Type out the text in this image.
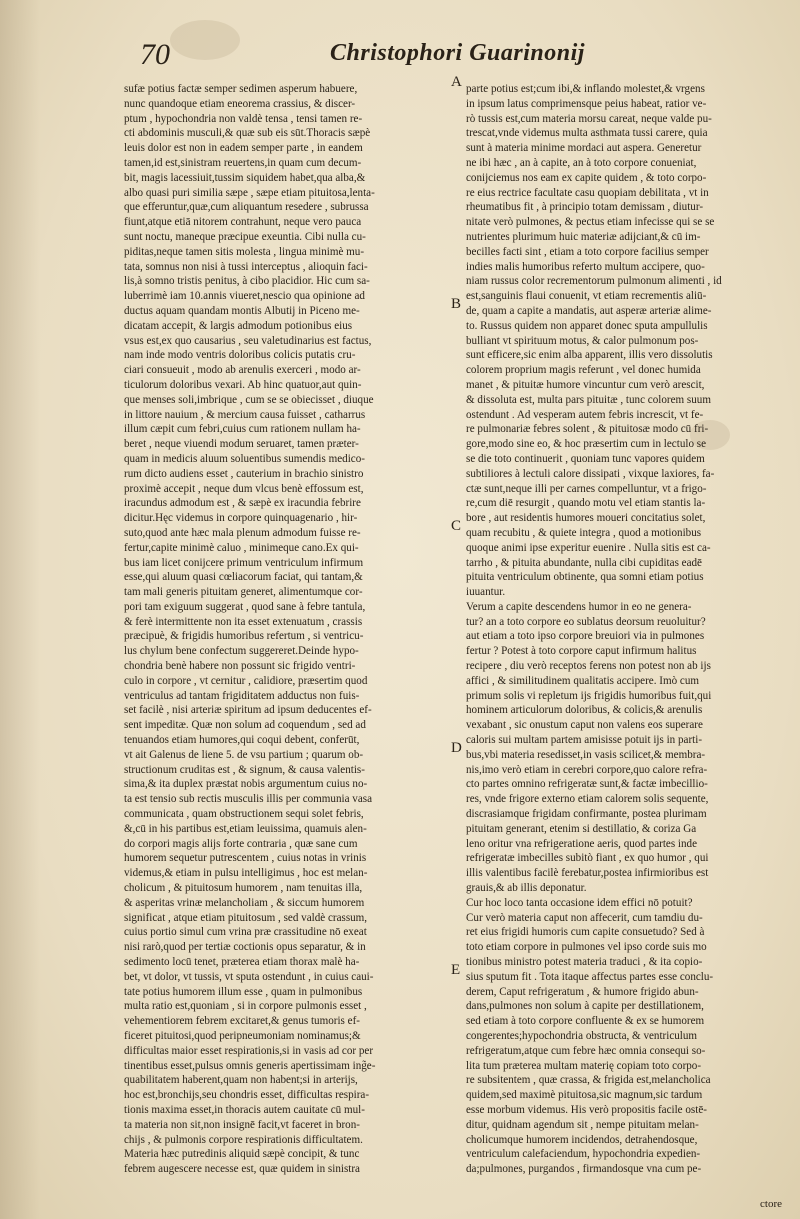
70	Christophori Guarinonij
sufæ potius factæ semper sedimen asperum habuere,
nunc quandoque etiam eneorema crassius, & discer-
ptum , hypochondria non valdè tensa , tensi tamen re-
cti abdominis musculi,& quæ sub eis sūt.Thoracis sæpè
leuis dolor est non in eadem semper parte , in eandem
tamen,id est,sinistram reuertens,in quam cum decum-
bit, magis lacessiuit,tussim siquidem habet,qua alba,&
albo quasi puri similia sæpe , sæpe etiam pituitosa,lenta-
que efferuntur,quæ,cum aliquantum resedere , subrussa
fiunt,atque etiā nitorem contrahunt, neque vero pauca
sunt noctu, maneque præcipue exeuntia. Cibi nulla cu-
piditas,neque tamen sitis molesta , lingua minimè mu-
tata, somnus non nisi à tussi interceptus , alioquin faci-
lis,à somno tristis penitus, à cibo placidior. Hic cum sa-
luberrimè iam 10.annis viueret,nescio qua opinione ad
ductus aquam quandam montis Albutij in Piceno me-
dicatam accepit, & largis admodum potionibus eius
vsus est,ex quo causarius , seu valetudinarius est factus,
nam inde modo ventris doloribus colicis putatis cru-
ciari consueuit , modo ab arenulis exerceri , modo ar-
ticulorum doloribus vexari. Ab hinc quatuor,aut quin-
que menses soli,imbrique , cum se se obiecisset , diuque
in littore nauium , & mercium causa fuisset , catharrus
illum cæpit cum febri,cuius cum rationem nullam ha-
beret , neque viuendi modum seruaret, tamen præter-
quam in medicis aluum soluentibus sumendis medico-
rum dicto audiens esset , cauterium in brachio sinistro
proximè accepit , neque dum vlcus benè effossum est,
iracundus admodum est , & sæpè ex iracundia febrire
dicitur.Hęc videmus in corpore quinquagenario , hir-
suto,quod ante hæc mala plenum admodum fuisse re-
fertur,capite minimè caluo , minimeque cano.Ex qui-
bus iam licet conijcere primum ventriculum infirmum
esse,qui aluum quasi cœliacorum faciat, qui tantam,&
tam mali generis pituitam generet, alimentumque cor-
pori tam exiguum suggerat , quod sane à febre tantula,
& ferè intermittente non ita esset extenuatum , crassis
præcipuè, & frigidis humoribus refertum , si ventricu-
lus chylum bene confectum suggereret.Deinde hypo-
chondria benè habere non possunt sic frigido ventri-
culo in corpore , vt cernitur , calidiore, præsertim quod
ventriculus ad tantam frigiditatem adductus non fuis-
set facilè , nisi arteriæ spiritum ad ipsum deducentes ef-
sent impeditæ. Quæ non solum ad coquendum , sed ad
tenuandos etiam humores,qui coqui debent, conferūt,
vt ait Galenus de liene 5. de vsu partium ; quarum ob-
structionum cruditas est , & signum, & causa valentis-
sima,& ita duplex præstat nobis argumentum cuius no-
ta est tensio sub rectis musculis illis per communia vasa
communicata , quam obstructionem sequi solet febris,
&,cū in his partibus est,etiam leuissima, quamuis alen-
do corpori magis alijs forte contraria , quæ sane cum
humorem sequetur putrescentem , cuius notas in vrinis
videmus,& etiam in pulsu intelligimus , hoc est melan-
cholicum , & pituitosum humorem , nam tenuitas illa,
& asperitas vrinæ melancholiam , & siccum humorem
significat , atque etiam pituitosum , sed valdè crassum,
cuius portio simul cum vrina præ crassitudine nō exeat
nisi rarò,quod per tertiæ coctionis opus separatur, & in
sedimento locū tenet, præterea etiam thorax malè ha-
bet, vt dolor, vt tussis, vt sputa ostendunt , in cuius caui-
tate potius humorem illum esse , quam in pulmonibus
multa ratio est,quoniam , si in corpore pulmonis esset ,
vehementiorem febrem excitaret,& genus tumoris ef-
ficeret pituitosi,quod peripneumoniam nominamus;&
difficultas maior esset respirationis,si in vasis ad cor per
tinentibus esset,pulsus omnis generis apertissimam ing̃e-
quabilitatem haberent,quam non habent;si in arterijs,
hoc est,bronchijs,seu chondris esset, difficultas respira-
tionis maxima esset,in thoracis autem cauitate cū mul-
ta materia non sit,non insignē facit,vt faceret in bron-
chijs , & pulmonis corpore respirationis difficultatem.
Materia hæc putredinis aliquid sæpè concipit, & tunc
febrem augescere necesse est, quæ quidem in sinistra
parte potius est;cum ibi,& inflando molestet,& vrgens
in ipsum latus comprimensque peius habeat, ratior ve-
rò tussis est,cum materia morsu careat, neque valde pu-
trescat,vnde videmus multa asthmata tussi carere, quia
sunt à materia minime mordaci aut aspera. Generetur
ne ibi hæc , an à capite, an à toto corpore conueniat,
conijciemus nos eam ex capite quidem , & toto corpo-
re eius rectrice facultate casu quopiam debilitata , vt in
rheumatibus fit , à principio totam demissam , diutur-
nitate verò pulmones, & pectus etiam infecisse qui se se
nutrientes plurimum huic materiæ adijciant,& cū im-
becilles facti sint , etiam a toto corpore facilius semper
indies malis humoribus referto multum accipere, quo-
niam russus color recrementorum pulmonum alimenti , id
est,sanguinis flaui conuenit, vt etiam recrementis aliū-
de, quam a capite a mandatis, aut asperæ arteriæ alime-
to. Russus quidem non apparet donec sputa ampullulis
bulliant vt spirituum motus, & calor pulmonum pos-
sunt efficere,sic enim alba apparent, illis vero dissolutis
colorem proprium magis referunt , vel donec humida
manet , & pituitæ humore vincuntur cum verò arescit,
& dissoluta est, multa pars pituitæ , tunc colorem suum
ostendunt . Ad vesperam autem febris increscit, vt fe-
re pulmonariæ febres solent , & pituitosæ modo cū fri-
gore,modo sine eo, & hoc præsertim cum in lectulo se
se die toto continuerit , quoniam tunc vapores quidem
subtiliores à lectuli calore dissipati , vixque laxiores, fa-
ctæ sunt,neque illi per carnes compelluntur, vt a frigo-
re,cum diē resurgit , quando motu vel etiam stantis la-
bore , aut residentis humores moueri concitatius solet,
quam recubitu , & quiete integra , quod a motionibus
quoque animi ipse experitur euenire . Nulla sitis est ca-
tarrho , & pituita abundante, nulla cibi cupiditas eadē
pituita ventriculum obtinente, qua somni etiam potius
iuuantur.
Verum a capite descendens humor in eo ne genera-
tur? an a toto corpore eo sublatus deorsum reuoluitur?
aut etiam a toto ipso corpore breuiori via in pulmones
fertur ? Potest à toto corpore caput infirmum halitus
recipere , diu verò receptos ferens non potest non ab ijs
affici , & similitudinem qualitatis accipere. Imò cum
primum solis vi repletum ijs frigidis humoribus fuit,qui
hominem articulorum doloribus, & colicis,& arenulis
vexabant , sic onustum caput non valens eos superare
caloris sui multam partem amisisse potuit ijs in parti-
bus,vbi materia resedisset,in vasis scilicet,& membra-
nis,imo verò etiam in cerebri corpore,quo calore refra-
cto partes omnino refrigeratæ sunt,& factæ imbecillio-
res, vnde frigore externo etiam calorem solis sequente,
discrasiamque frigidam confirmante, postea plurimam
pituitam generant, etenim si destillatio, & coriza Ga
leno oritur vna refrigeratione aeris, quod partes inde
refrigeratæ imbecilles subitò fiant , ex quo humor , qui
illis valentibus facilè ferebatur,postea infirmioribus est
grauis,& ab illis deponatur.
Cur hoc loco tanta occasione idem effici nō potuit?
Cur verò materia caput non affecerit, cum tamdiu du-
ret eius frigidi humoris cum capite consuetudo? Sed à
toto etiam corpore in pulmones vel ipso corde suis mo
tionibus ministro potest materia traduci , & ita copio-
sius sputum fit . Tota itaque affectus partes esse conclu-
derem, Caput refrigeratum , & humore frigido abun-
dans,pulmones non solum à capite per destillationem,
sed etiam à toto corpore confluente & ex se humorem
congerentes;hypochondria obstructa, & ventriculum
refrigeratum,atque cum febre hæc omnia consequi so-
lita tum præterea multam materię copiam toto corpo-
re subsitentem , quæ crassa, & frigida est,melancholica
quidem,sed maximè pituitosa,sic magnum,sic tardum
esse morbum videmus. His verò propositis facile ostē-
ditur, quidnam agendum sit , nempe pituitam melan-
cholicumque humorem incidendos, detrahendosque,
ventriculum calefaciendum, hypochondria expedien-
da;pulmones, purgandos , firmandosque vna cum pe-
A
B
C
D
E
ctore
